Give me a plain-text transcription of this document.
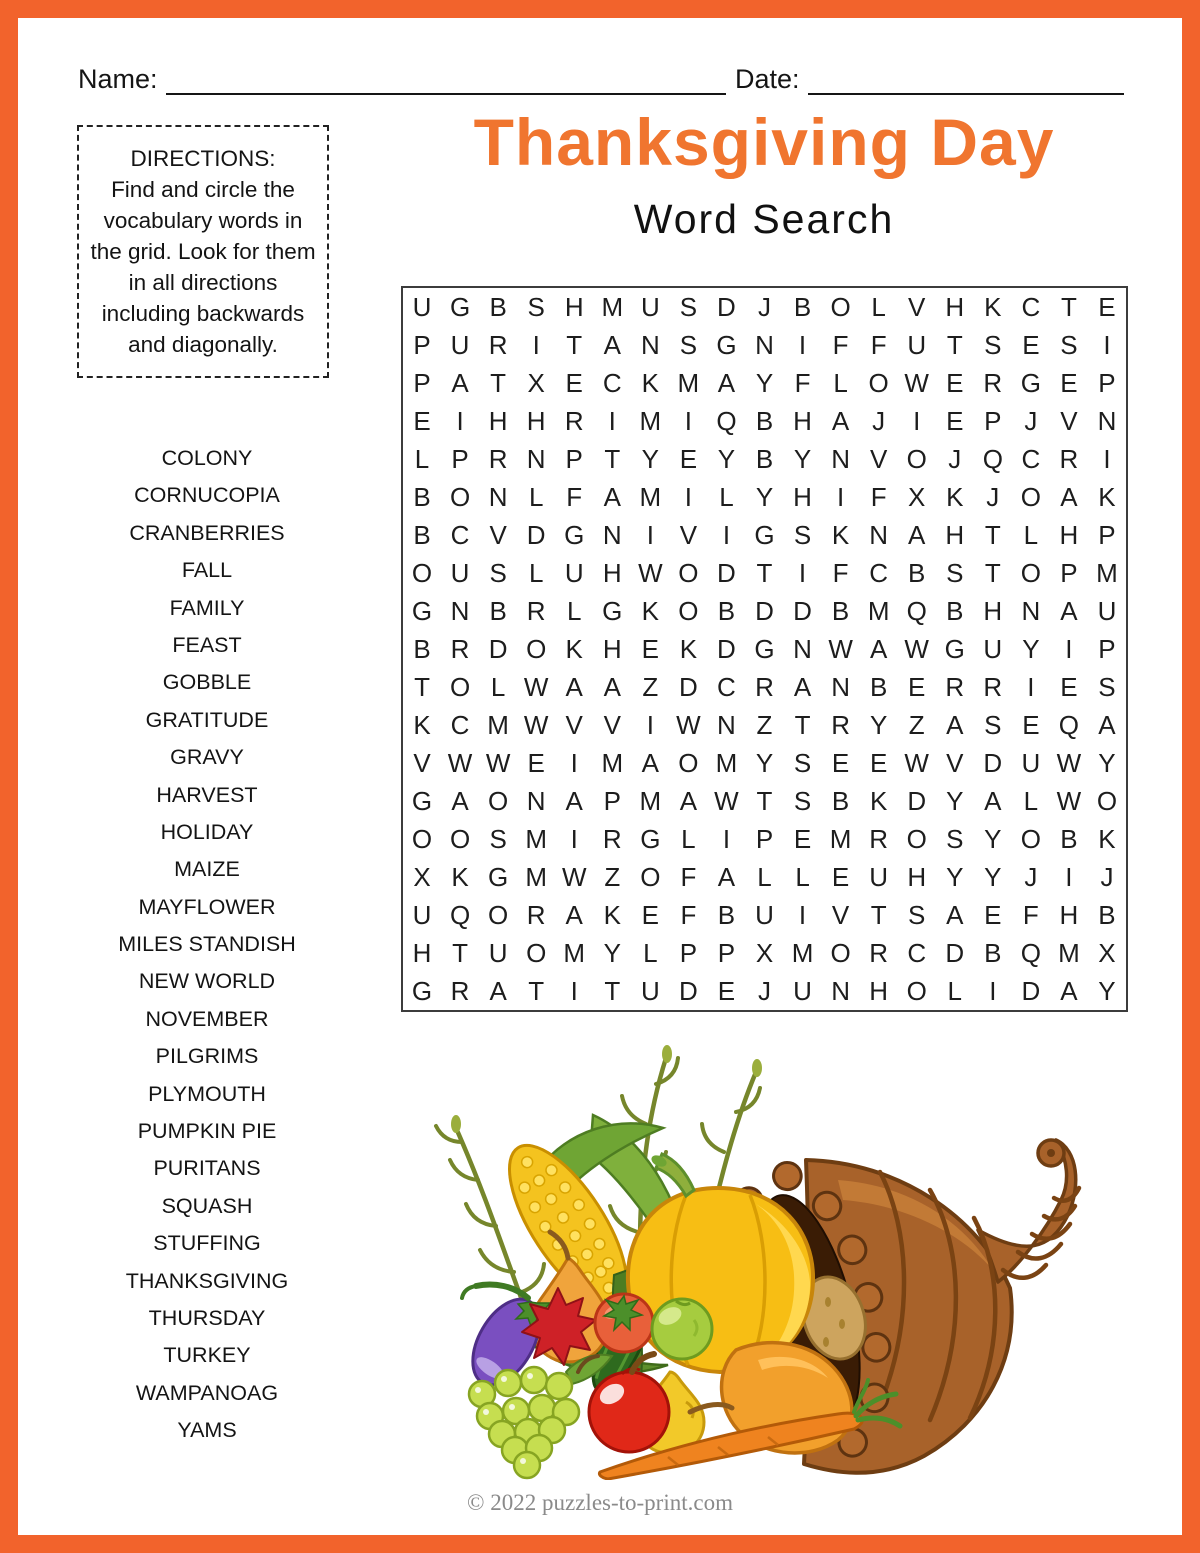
Name:	Date:
Thanksgiving Day
Word Search
DIRECTIONS:
Find and circle the vocabulary words in the grid. Look for them in all directions including backwards and diagonally.
COLONY
CORNUCOPIA
CRANBERRIES
FALL
FAMILY
FEAST
GOBBLE
GRATITUDE
GRAVY
HARVEST
HOLIDAY
MAIZE
MAYFLOWER
MILES STANDISH
NEW WORLD
NOVEMBER
PILGRIMS
PLYMOUTH
PUMPKIN PIE
PURITANS
SQUASH
STUFFING
THANKSGIVING
THURSDAY
TURKEY
WAMPANOAG
YAMS
U G B S H M U S D J B O L V H K C T E
P U R I	T A N S G N I	F F U T S E S I
P A T X E C K M A Y F L O W E R G E P
E I H H R I M I Q B H A J	I E P J V N
L P R N P T Y E Y B Y N V O J Q C R I
B O N L F A M I	L Y H I	F X K J O A K
B C V D G N I V I G S K N A H T L H P
O U S L U H W O D T	I	F C B S T O P M
G N B R L G K O B D D B M Q B H N A U
B R D O K H E K D G N W A W G U Y I P
T O L W A A Z D C R A N B E R R I E S
K C M W V V I W N Z T R Y Z A S E Q A
V W W E I M A O M Y S E E W V D U W Y
G A O N A P M A W T S B K D Y A L W O
O O S M I R G L	I P E M R O S Y O B K
X K G M W Z O F A L L E U H Y Y J	I	J
U Q O R A K E F B U I V T S A E F H B
H T U O M Y L P P X M O R C D B Q M X
G R A T	I	T U D E J U N H O L	I D A Y
© 2022 puzzles-to-print.com
